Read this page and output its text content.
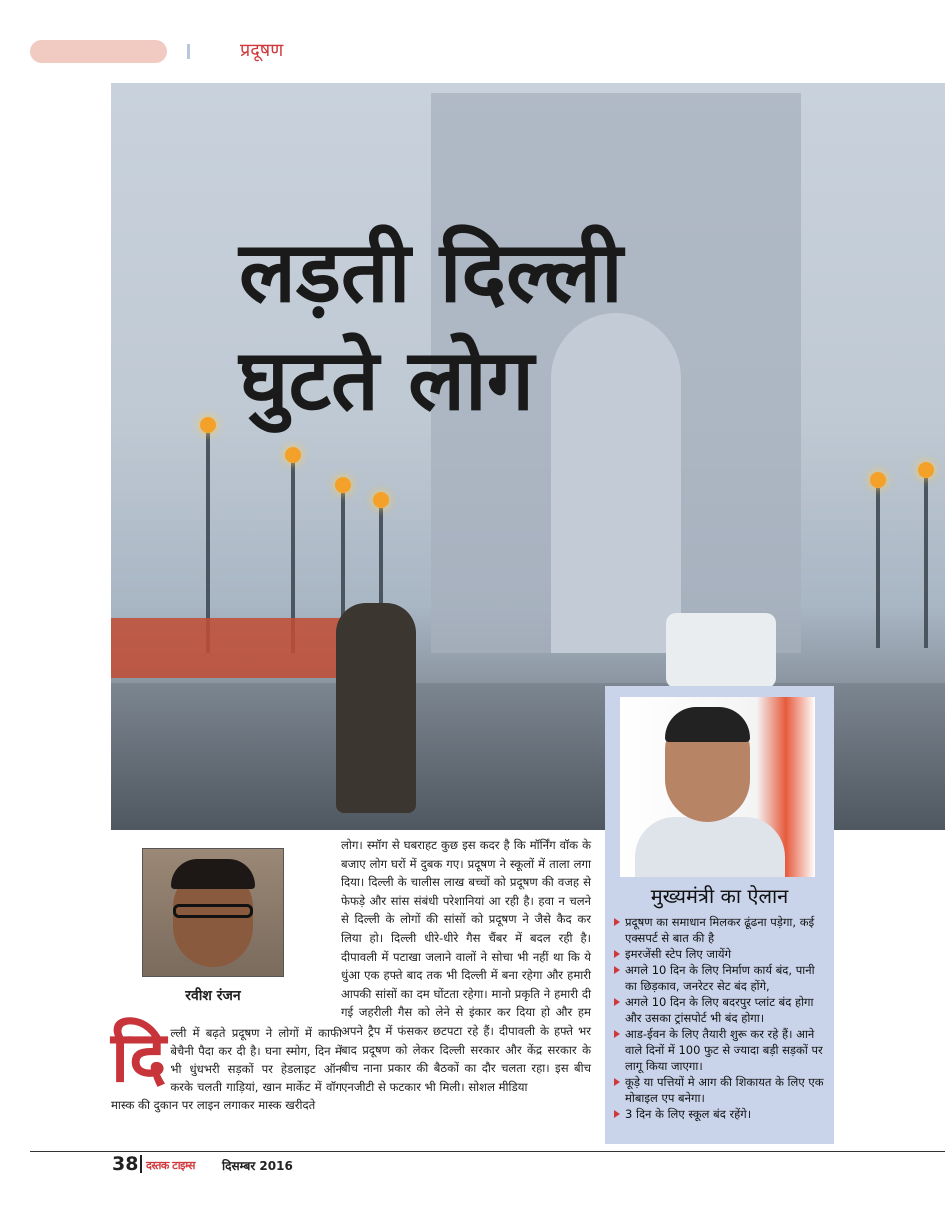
प्रदूषण
लड़ती दिल्ली
घुटते लोग
मुख्यमंत्री का ऐलान
प्रदूषण का समाधान मिलकर ढूंढना पड़ेगा, कई एक्सपर्ट से बात की है
इमरजेंसी स्टेप लिए जायेंगे
अगले 10 दिन के लिए निर्माण कार्य बंद, पानी का छिड़काव, जनरेटर सेट बंद होंगे,
अगले 10 दिन के लिए बदरपुर प्लांट बंद होगा और उसका ट्रांसपोर्ट भी बंद होगा।
आड-ईवन के लिए तैयारी शुरू कर रहे हैं। आने वाले दिनों में 100 फुट से ज्यादा बड़ी सड़कों पर लागू किया जाएगा।
कूड़े या पत्तियों मे आग की शिकायत के लिए एक मोबाइल एप बनेगा।
3 दिन के लिए स्कूल बंद रहेंगे।
रवीश रंजन
दिल्ली में बढ़ते प्रदूषण ने लोगों में काफी बेचैनी पैदा कर दी है। घना स्मोग, दिन में भी धुंधभरी सड़कों पर हेडलाइट ऑन करके चलती गाड़ियां, खान मार्केट में वॉग मास्क की दुकान पर लाइन लगाकर मास्क खरीदते
लोग। स्मॉग से घबराहट कुछ इस कदर है कि मॉर्निंग वॉक के बजाए लोग घरों में दुबक गए। प्रदूषण ने स्कूलों में ताला लगा दिया। दिल्ली के चालीस लाख बच्चों को प्रदूषण की वजह से फेफड़े और सांस संबंधी परेशानियां आ रही है। हवा न चलने से दिल्ली के लोगों की सांसों को प्रदूषण ने जैसे कैद कर लिया हो। दिल्ली धीरे-धीरे गैस चैंबर में बदल रही है। दीपावली में पटाखा जलाने वालों ने सोचा भी नहीं था कि ये धुंआ एक हफ्ते बाद तक भी दिल्ली में बना रहेगा और हमारी आपकी सांसों का दम घोंटता रहेगा। मानो प्रकृति ने हमारी दी गई जहरीली गैस को लेने से इंकार कर दिया हो और हम अपने ट्रैप में फंसकर छटपटा रहे हैं। दीपावली के हफ्ते भर बाद प्रदूषण को लेकर दिल्ली सरकार और केंद्र सरकार के बीच नाना प्रकार की बैठकों का दौर चलता रहा। इस बीच एनजीटी से फटकार भी मिली। सोशल मीडिया
38 दस्तक टाइम्स दिसम्बर 2016
